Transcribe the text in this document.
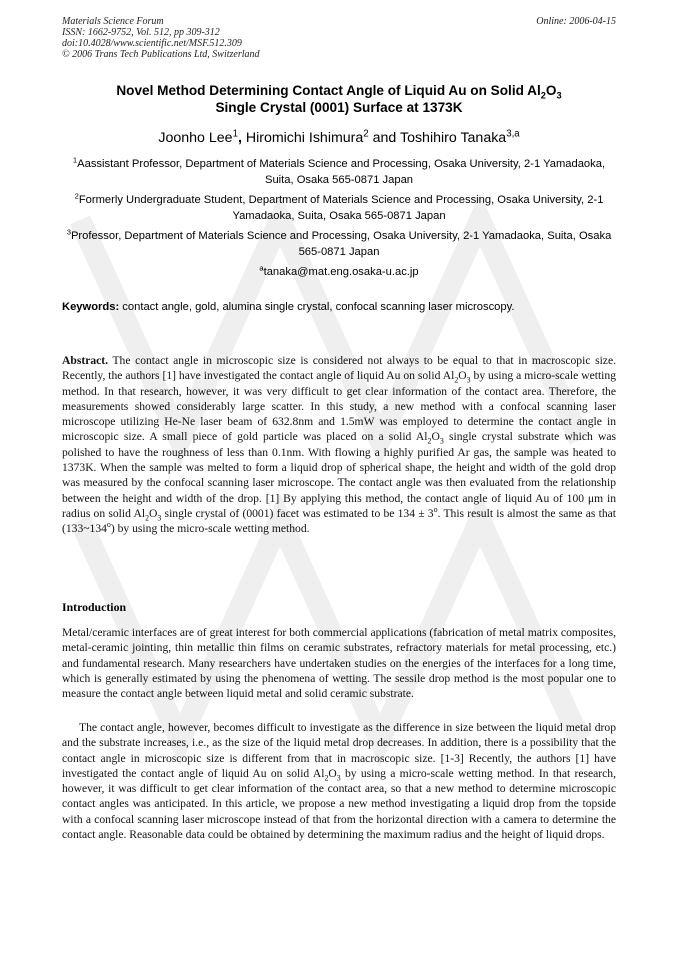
Materials Science Forum
ISSN: 1662-9752, Vol. 512, pp 309-312
doi:10.4028/www.scientific.net/MSF.512.309
© 2006 Trans Tech Publications Ltd, Switzerland
Online: 2006-04-15
Novel Method Determining Contact Angle of Liquid Au on Solid $Al_2O_3$
Single Crystal (0001) Surface at 1373K
Joonho Lee$^1$, Hiromichi Ishimura$^2$ and Toshihiro Tanaka$^{3,a}$
$^1$Aassistant Professor, Department of Materials Science and Processing, Osaka University, 2-1 Yamadaoka, Suita, Osaka 565-0871 Japan
$^2$Formerly Undergraduate Student, Department of Materials Science and Processing, Osaka University, 2-1 Yamadaoka, Suita, Osaka 565-0871 Japan
$^3$Professor, Department of Materials Science and Processing, Osaka University, 2-1 Yamadaoka, Suita, Osaka 565-0871 Japan
$^a$tanaka@mat.eng.osaka-u.ac.jp
Keywords: contact angle, gold, alumina single crystal, confocal scanning laser microscopy.
Abstract. The contact angle in microscopic size is considered not always to be equal to that in macroscopic size. Recently, the authors [1] have investigated the contact angle of liquid Au on solid $Al_2O_3$ by using a micro-scale wetting method. In that research, however, it was very difficult to get clear information of the contact area. Therefore, the measurements showed considerably large scatter. In this study, a new method with a confocal scanning laser microscope utilizing He-Ne laser beam of 632.8nm and 1.5mW was employed to determine the contact angle in microscopic size. A small piece of gold particle was placed on a solid $Al_2O_3$ single crystal substrate which was polished to have the roughness of less than 0.1nm. With flowing a highly purified Ar gas, the sample was heated to 1373K. When the sample was melted to form a liquid drop of spherical shape, the height and width of the gold drop was measured by the confocal scanning laser microscope. The contact angle was then evaluated from the relationship between the height and width of the drop. [1] By applying this method, the contact angle of liquid Au of 100 μm in radius on solid $Al_2O_3$ single crystal of (0001) facet was estimated to be $134 \pm 3^o$. This result is almost the same as that (133~134$^o$) by using the micro-scale wetting method.
Introduction
Metal/ceramic interfaces are of great interest for both commercial applications (fabrication of metal matrix composites, metal-ceramic jointing, thin metallic thin films on ceramic substrates, refractory materials for metal processing, etc.) and fundamental research. Many researchers have undertaken studies on the energies of the interfaces for a long time, which is generally estimated by using the phenomena of wetting. The sessile drop method is the most popular one to measure the contact angle between liquid metal and solid ceramic substrate.
The contact angle, however, becomes difficult to investigate as the difference in size between the liquid metal drop and the substrate increases, i.e., as the size of the liquid metal drop decreases. In addition, there is a possibility that the contact angle in microscopic size is different from that in macroscopic size. [1-3] Recently, the authors [1] have investigated the contact angle of liquid Au on solid $Al_2O_3$ by using a micro-scale wetting method. In that research, however, it was difficult to get clear information of the contact area, so that a new method to determine microscopic contact angles was anticipated. In this article, we propose a new method investigating a liquid drop from the topside with a confocal scanning laser microscope instead of that from the horizontal direction with a camera to determine the contact angle. Reasonable data could be obtained by determining the maximum radius and the height of liquid drops.
